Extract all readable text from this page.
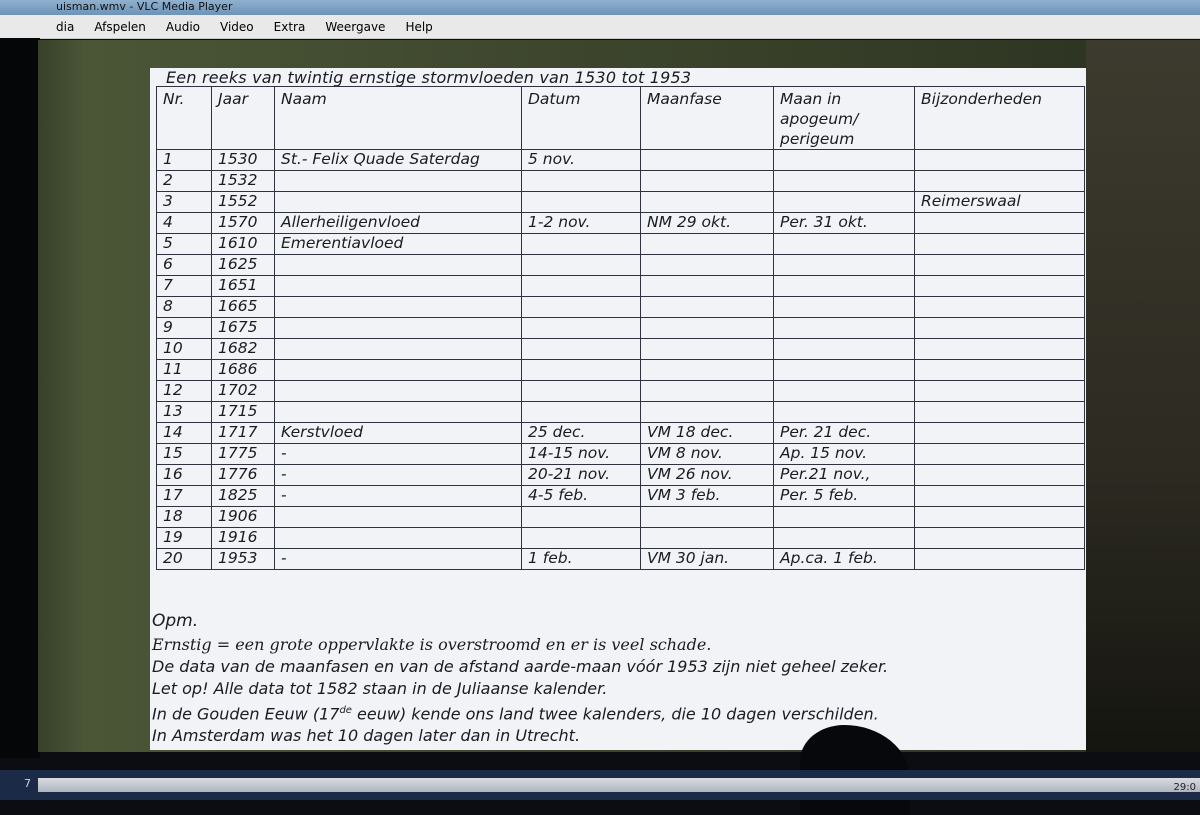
uisman.wmv - VLC Media Player
dia	Afspelen	Audio	Video	Extra	Weergave	Help
Een reeks van twintig ernstige stormvloeden van 1530 tot 1953
Nr.	Jaar	Naam	Datum	Maanfase	Maan in apogeum/ perigeum	Bijzonderheden
1	1530	St.- Felix Quade Saterdag	5 nov.			
2	1532					
3	1552					Reimerswaal
4	1570	Allerheiligenvloed	1-2 nov.	NM 29 okt.	Per. 31 okt.	
5	1610	Emerentiavloed				
6	1625					
7	1651					
8	1665					
9	1675					
10	1682					
11	1686					
12	1702					
13	1715					
14	1717	Kerstvloed	25 dec.	VM 18 dec.	Per. 21 dec.	
15	1775	-	14-15 nov.	VM 8 nov.	Ap. 15 nov.	
16	1776	-	20-21 nov.	VM 26 nov.	Per.21 nov.,	
17	1825	-	4-5 feb.	VM 3 feb.	Per. 5 feb.	
18	1906					
19	1916					
20	1953	-	1 feb.	VM 30 jan.	Ap.ca. 1 feb.	
Opm.
Ernstig = een grote oppervlakte is overstroomd en er is veel schade.
De data van de maanfasen en van de afstand aarde-maan vóór 1953 zijn niet geheel zeker.
Let op! Alle data tot 1582 staan in de Juliaanse kalender.
In de Gouden Eeuw (17de eeuw) kende ons land twee kalenders, die 10 dagen verschilden.
In Amsterdam was het 10 dagen later dan in Utrecht.
7	29:0
